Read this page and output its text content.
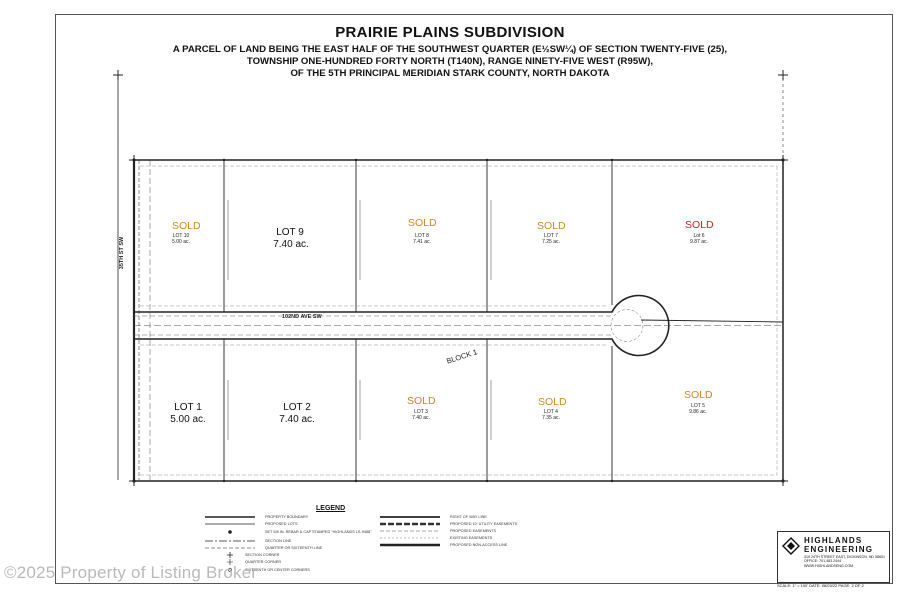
PRAIRIE PLAINS SUBDIVISION
A PARCEL OF LAND BEING THE EAST HALF OF THE SOUTHWEST QUARTER (E½SW¼) OF SECTION TWENTY-FIVE (25),
TOWNSHIP ONE-HUNDRED FORTY NORTH (T140N), RANGE NINETY-FIVE WEST (R95W),
OF THE 5TH PRINCIPAL MERIDIAN STARK COUNTY, NORTH DAKOTA
102ND AVE SW
35TH ST SW
BLOCK 1
SOLD
LOT 10
5.00 ac.
LOT 9
7.40 ac.
SOLD
LOT 8
7.41 ac.
SOLD
LOT 7
7.25 ac.
SOLD
Lot 6
9.87 ac.
LOT 1
5.00 ac.
LOT 2
7.40 ac.
SOLD
LOT 3
7.40 ac.
SOLD
LOT 4
7.35 ac.
SOLD
LOT 5
9.86 ac.
LEGEND
PROPERTY BOUNDARY
PROPOSED LOTS
SET 5/8 IN. REBAR & CAP STAMPED "HIGHLANDS LS-9488"
SECTION LINE
QUARTER OR SIXTEENTH LINE
SECTION CORNER
QUARTER CORNER
SIXTEENTH OR CENTER CORNERS
RIGHT OF WAY LINE
PROPOSED 10' UTILITY EASEMENTS
PROPOSED EASEMENTS
EXISTING EASEMENTS
PROPOSED NON-ACCESS LINE	HIGHLANDS
ENGINEERING
319 24TH STREET EAST, DICKINSON, ND 58601
OFFICE: 701.483.2444
WWW.HIGHLANDSENG.COM
SCALE: 1" = 100' DATE: 06/03/22 PAGE: 2 OF 2
©2025 Property of Listing Broker
